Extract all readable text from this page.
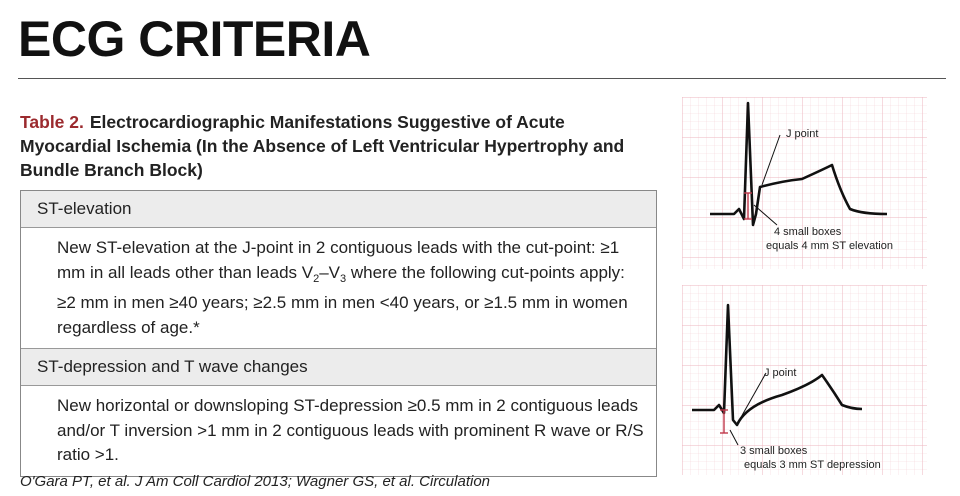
ECG CRITERIA
Table 2. Electrocardiographic Manifestations Suggestive of Acute Myocardial Ischemia (In the Absence of Left Ventricular Hypertrophy and Bundle Branch Block)
ST-elevation
New ST-elevation at the J-point in 2 contiguous leads with the cut-point: ≥1 mm in all leads other than leads $V_2-V_3$ where the following cut-points apply: ≥2 mm in men ≥40 years; ≥2.5 mm in men <40 years, or ≥1.5 mm in women regardless of age.*
ST-depression and T wave changes
New horizontal or downsloping ST-depression ≥0.5 mm in 2 contiguous leads and/or T inversion >1 mm in 2 contiguous leads with prominent R wave or R/S ratio >1.
O'Gara PT, et al. J Am Coll Cardiol 2013; Wagner GS, et al. Circulation
J point
4 small boxes
equals 4 mm ST elevation
J point
3 small boxes
equals 3 mm ST depression
